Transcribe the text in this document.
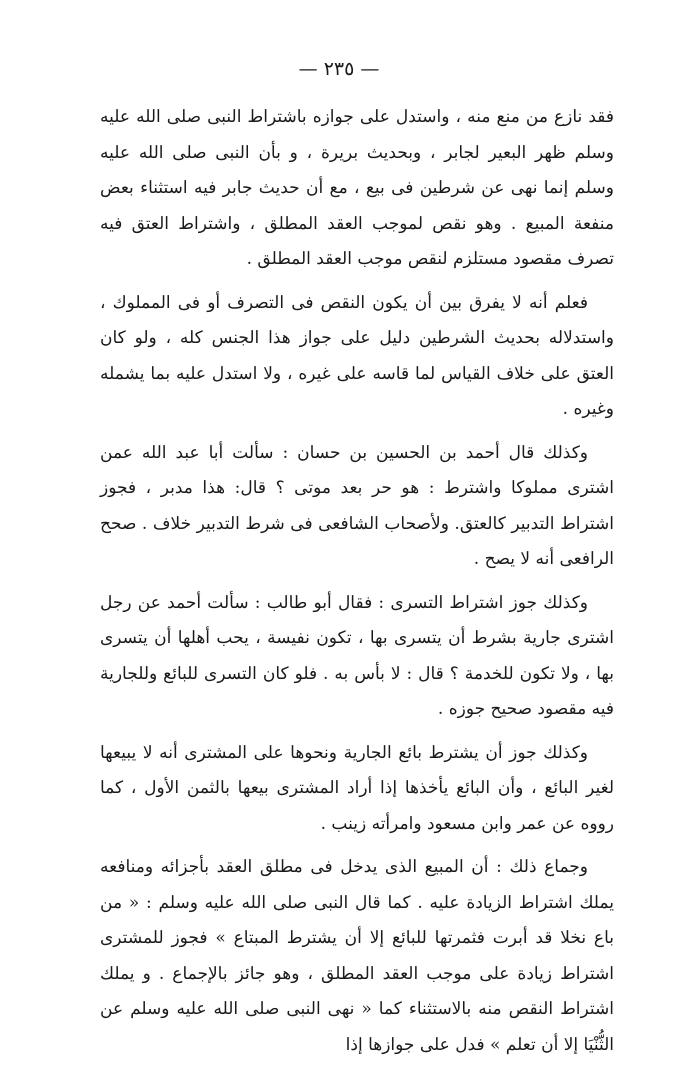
— ٢٣٥ —

فقد نازع من منع منه ، واستدل على جوازه باشتراط النبى صلى الله عليه وسلم ظهر البعير لجابر ، وبحديث بريرة ، و بأن النبى صلى الله عليه وسلم إنما نهى عن شرطين فى بيع ، مع أن حديث جابر فيه استثناء بعض منفعة المبيع . وهو نقص لموجب العقد المطلق ، واشتراط العتق فيه تصرف مقصود مستلزم لنقص موجب العقد المطلق .

فعلم أنه لا يفرق بين أن يكون النقص فى التصرف أو فى المملوك ، واستدلاله بحديث الشرطين دليل على جواز هذا الجنس كله ، ولو كان العتق على خلاف القياس لما قاسه على غيره ، ولا استدل عليه بما يشمله وغيره .

وكذلك قال أحمد بن الحسين بن حسان : سألت أبا عبد الله عمن اشترى مملوكا واشترط : هو حر بعد موتى ؟ قال: هذا مدبر ، فجوز اشتراط التدبير كالعتق. ولأصحاب الشافعى فى شرط التدبير خلاف . صحح الرافعى أنه لا يصح .

وكذلك جوز اشتراط التسرى : فقال أبو طالب : سألت أحمد عن رجل اشترى جارية بشرط أن يتسرى بها ، تكون نفيسة ، يحب أهلها أن يتسرى بها ، ولا تكون للخدمة ؟ قال : لا بأس به . فلو كان التسرى للبائع وللجارية فيه مقصود صحيح جوزه .

وكذلك جوز أن يشترط بائع الجارية ونحوها على المشترى أنه لا يبيعها لغير البائع ، وأن البائع يأخذها إذا أراد المشترى بيعها بالثمن الأول ، كما رووه عن عمر وابن مسعود وامرأته زينب .

وجماع ذلك : أن المبيع الذى يدخل فى مطلق العقد بأجزائه ومنافعه يملك اشتراط الزيادة عليه . كما قال النبى صلى الله عليه وسلم : « من باع نخلا قد أبرت فثمرتها للبائع إلا أن يشترط المبتاع » فجوز للمشترى اشتراط زيادة على موجب العقد المطلق ، وهو جائز بالإجماع . و يملك اشتراط النقص منه بالاستثناء كما « نهى النبى صلى الله عليه وسلم عن الثُّنْيَا إلا أن تعلم » فدل على جوازها إذا
